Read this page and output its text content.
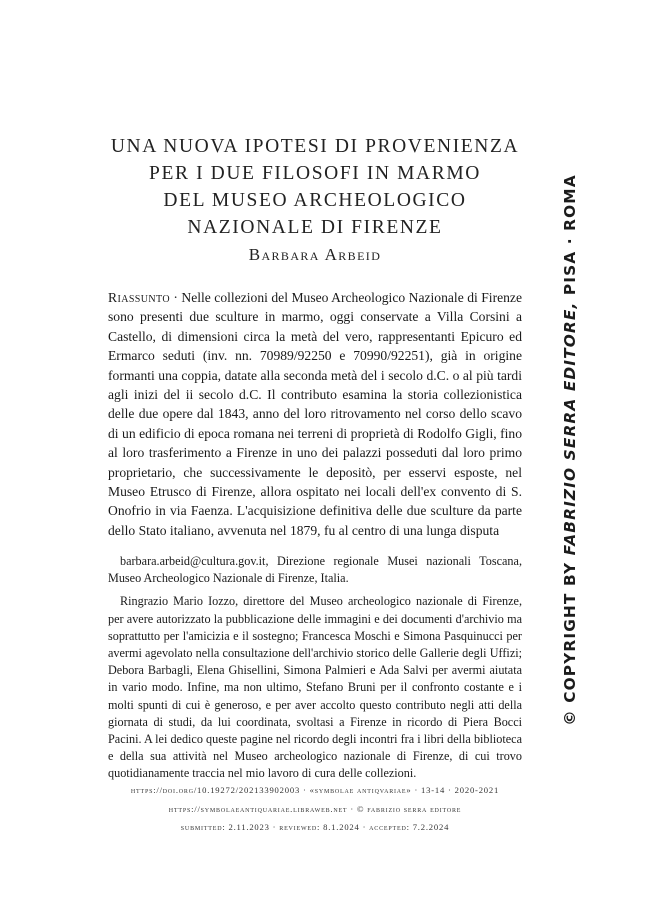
UNA NUOVA IPOTESI DI PROVENIENZA
PER I DUE FILOSOFI IN MARMO
DEL MUSEO ARCHEOLOGICO
NAZIONALE DI FIRENZE

Barbara Arbeid

Riassunto · Nelle collezioni del Museo Archeologico Nazionale di Firenze sono presenti due sculture in marmo, oggi conservate a Villa Corsini a Castello, di dimensioni circa la metà del vero, rappresentanti Epicuro ed Ermarco seduti (inv. nn. 70989/92250 e 70990/92251), già in origine formanti una coppia, datate alla seconda metà del i secolo d.C. o al più tardi agli inizi del ii secolo d.C. Il contributo esamina la storia collezionistica delle due opere dal 1843, anno del loro ritrovamento nel corso dello scavo di un edificio di epoca romana nei terreni di proprietà di Rodolfo Gigli, fino al loro trasferimento a Firenze in uno dei palazzi posseduti dal loro primo proprietario, che successivamente le depositò, per esservi esposte, nel Museo Etrusco di Firenze, allora ospitato nei locali dell'ex convento di S. Onofrio in via Faenza. L'acquisizione definitiva delle due sculture da parte dello Stato italiano, avvenuta nel 1879, fu al centro di una lunga disputa

barbara.arbeid@cultura.gov.it, Direzione regionale Musei nazionali Toscana, Museo Archeologico Nazionale di Firenze, Italia.

Ringrazio Mario Iozzo, direttore del Museo archeologico nazionale di Firenze, per avere autorizzato la pubblicazione delle immagini e dei documenti d'archivio ma soprattutto per l'amicizia e il sostegno; Francesca Moschi e Simona Pasquinucci per avermi agevolato nella consultazione dell'archivio storico delle Gallerie degli Uffizi; Debora Barbagli, Elena Ghisellini, Simona Palmieri e Ada Salvi per avermi aiutata in vario modo. Infine, ma non ultimo, Stefano Bruni per il confronto costante e i molti spunti di cui è generoso, e per aver accolto questo contributo negli atti della giornata di studi, da lui coordinata, svoltasi a Firenze in ricordo di Piera Bocci Pacini. A lei dedico queste pagine nel ricordo degli incontri fra i libri della biblioteca e della sua attività nel Museo archeologico nazionale di Firenze, di cui trovo quotidianamente traccia nel mio lavoro di cura delle collezioni.

https://doi.org/10.19272/202133902003 · «symbolae antiqvariae» · 13-14 · 2020-2021
https://symbolaeantiquariae.libraweb.net · © fabrizio serra editore
submitted: 2.11.2023 · reviewed: 8.1.2024 · accepted: 7.2.2024
© COPYRIGHT BY FABRIZIO SERRA EDITORE, PISA · ROMA
